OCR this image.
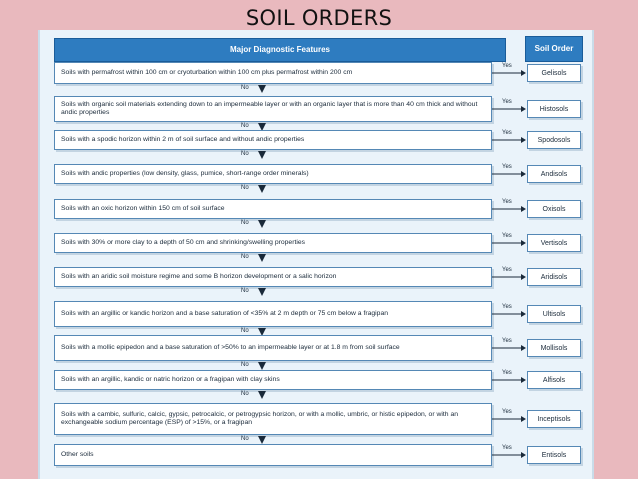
SOIL ORDERS
Major Diagnostic Features	Soil Order
Soils with permafrost within 100 cm or cryoturbation within 100 cm plus permafrost within 200 cm	Gelisols
Yes
No
Soils with organic soil materials extending down to an impermeable layer or with an organic layer that is more than 40 cm thick and without andic properties	Histosols
Yes
No
Soils with a spodic horizon within 2 m of soil surface and without andic properties	Spodosols
Yes
No
Soils with andic properties (low density, glass, pumice, short-range order minerals)	Andisols
Yes
No
Soils with an oxic horizon within 150 cm of soil surface	Oxisols
Yes
No
Soils with 30% or more clay to a depth of 50 cm and shrinking/swelling properties	Vertisols
Yes
No
Soils with an aridic soil moisture regime and some B horizon development or a salic horizon	Aridisols
Yes
No
Soils with an argillic or kandic horizon and a base saturation of <35% at 2 m depth or 75 cm below a fragipan	Ultisols
Yes
No
Soils with a mollic epipedon and a base saturation of >50% to an impermeable layer or at 1.8 m from soil surface	Mollisols
Yes
No
Soils with an argillic, kandic or natric horizon or a fragipan with clay skins	Alfisols
Yes
No
Soils with a cambic, sulfuric, calcic, gypsic, petrocalcic, or petrogypsic horizon, or with a mollic, umbric, or histic epipedon, or with an exchangeable sodium percentage (ESP) of >15%, or a fragipan	Inceptisols
Yes
No
Other soils	Entisols
Yes
